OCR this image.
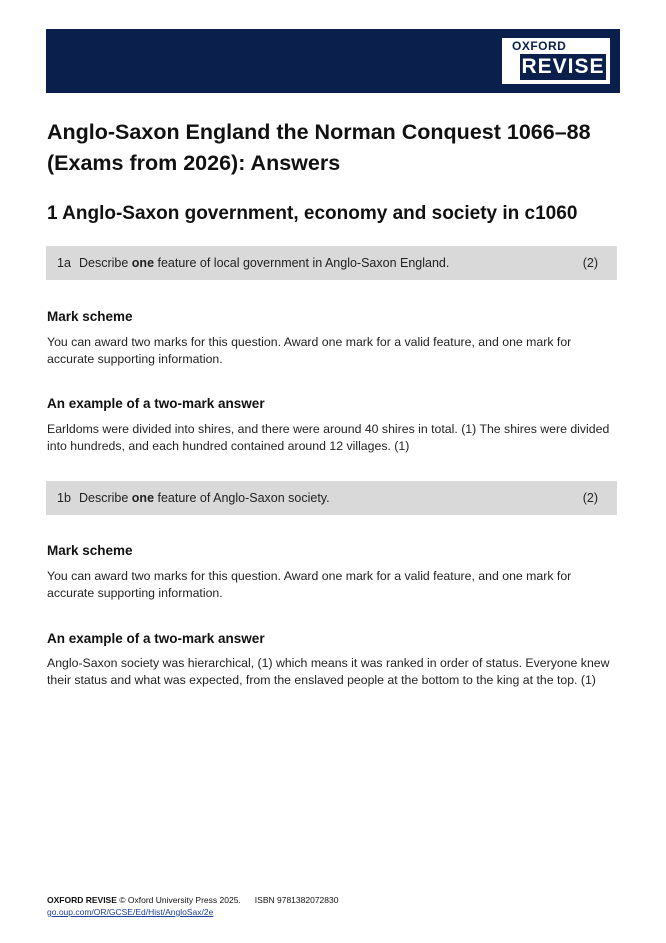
OXFORD
REVISE
Anglo-Saxon England the Norman Conquest 1066–88
(Exams from 2026): Answers
1 Anglo-Saxon government, economy and society in c1060
1a Describe one feature of local government in Anglo-Saxon England.	(2)
Mark scheme

You can award two marks for this question. Award one mark for a valid feature, and one mark for accurate supporting information.

An example of a two-mark answer

Earldoms were divided into shires, and there were around 40 shires in total. (1) The shires were divided into hundreds, and each hundred contained around 12 villages. (1)

1b Describe one feature of Anglo-Saxon society.	(2)
Mark scheme

You can award two marks for this question. Award one mark for a valid feature, and one mark for accurate supporting information.

An example of a two-mark answer

Anglo-Saxon society was hierarchical, (1) which means it was ranked in order of status. Everyone knew their status and what was expected, from the enslaved people at the bottom to the king at the top. (1)

OXFORD REVISE © Oxford University Press 2025. ISBN 9781382072830
go.oup.com/OR/GCSE/Ed/Hist/AngloSax/2e
